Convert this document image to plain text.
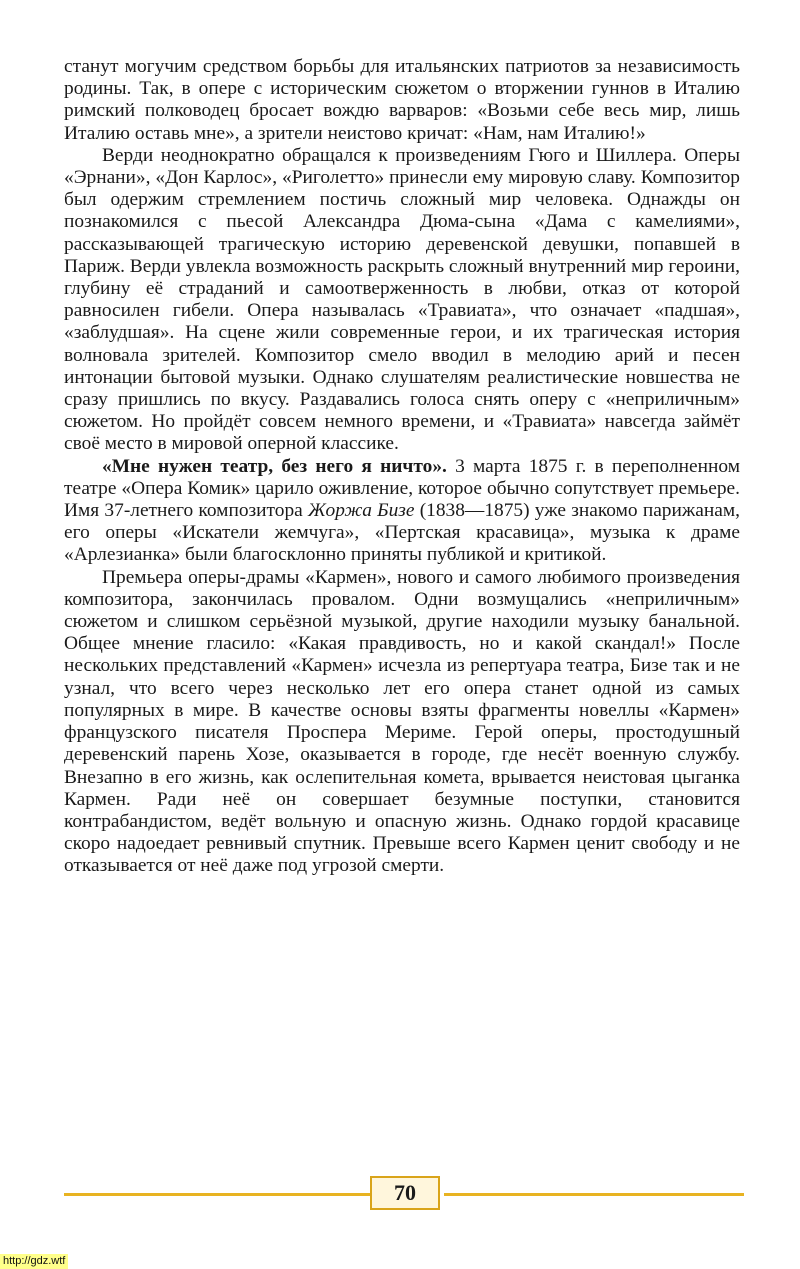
станут могучим средством борьбы для итальянских патриотов за независимость родины. Так, в опере с историческим сюжетом о вторжении гуннов в Италию римский полководец бросает вождю варваров: «Возьми себе весь мир, лишь Италию оставь мне», а зрители неистово кричат: «Нам, нам Италию!»

Верди неоднократно обращался к произведениям Гюго и Шиллера. Оперы «Эрнани», «Дон Карлос», «Риголетто» принесли ему мировую славу. Композитор был одержим стремлением постичь сложный мир человека. Однажды он познакомился с пьесой Александра Дюма-сына «Дама с камелиями», рассказывающей трагическую историю деревенской девушки, попавшей в Париж. Верди увлекла возможность раскрыть сложный внутренний мир героини, глубину её страданий и самоотверженность в любви, отказ от которой равносилен гибели. Опера называлась «Травиата», что означает «падшая», «заблудшая». На сцене жили современные герои, и их трагическая история волновала зрителей. Композитор смело вводил в мелодию арий и песен интонации бытовой музыки. Однако слушателям реалистические новшества не сразу пришлись по вкусу. Раздавались голоса снять оперу с «неприличным» сюжетом. Но пройдёт совсем немного времени, и «Травиата» навсегда займёт своё место в мировой оперной классике.

«Мне нужен театр, без него я ничто». 3 марта 1875 г. в переполненном театре «Опера Комик» царило оживление, которое обычно сопутствует премьере. Имя 37-летнего композитора Жоржа Бизе (1838—1875) уже знакомо парижанам, его оперы «Искатели жемчуга», «Пертская красавица», музыка к драме «Арлезианка» были благосклонно приняты публикой и критикой.

Премьера оперы-драмы «Кармен», нового и самого любимого произведения композитора, закончилась провалом. Одни возмущались «неприличным» сюжетом и слишком серьёзной музыкой, другие находили музыку банальной. Общее мнение гласило: «Какая правдивость, но и какой скандал!» После нескольких представлений «Кармен» исчезла из репертуара театра, Бизе так и не узнал, что всего через несколько лет его опера станет одной из самых популярных в мире. В качестве основы взяты фрагменты новеллы «Кармен» французского писателя Проспера Мериме. Герой оперы, простодушный деревенский парень Хозе, оказывается в городе, где несёт военную службу. Внезапно в его жизнь, как ослепительная комета, врывается неистовая цыганка Кармен. Ради неё он совершает безумные поступки, становится контрабандистом, ведёт вольную и опасную жизнь. Однако гордой красавице скоро надоедает ревнивый спутник. Превыше всего Кармен ценит свободу и не отказывается от неё даже под угрозой смерти.

70
http://gdz.wtf
